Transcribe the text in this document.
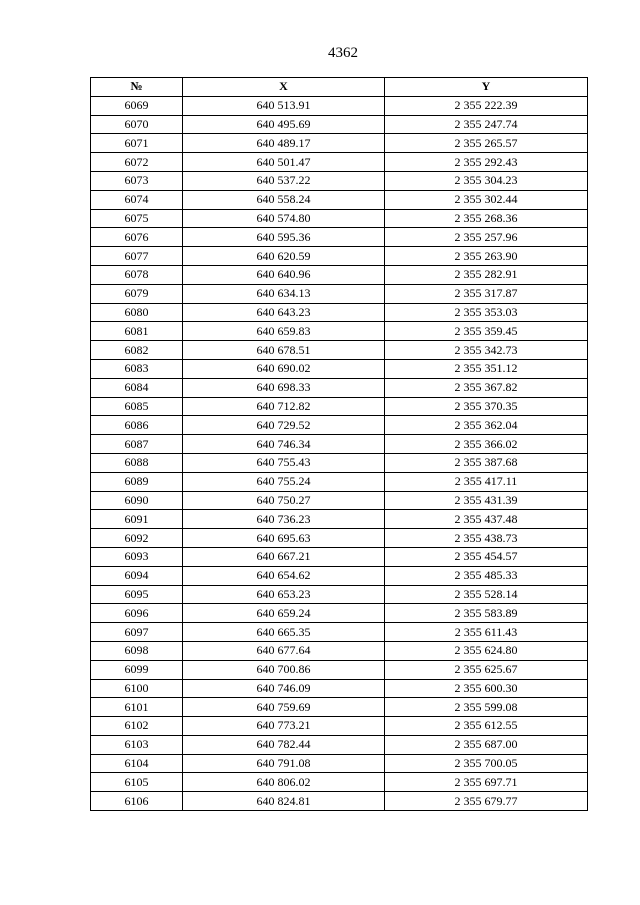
4362
№	X	Y
6069	640 513.91	2 355 222.39
6070	640 495.69	2 355 247.74
6071	640 489.17	2 355 265.57
6072	640 501.47	2 355 292.43
6073	640 537.22	2 355 304.23
6074	640 558.24	2 355 302.44
6075	640 574.80	2 355 268.36
6076	640 595.36	2 355 257.96
6077	640 620.59	2 355 263.90
6078	640 640.96	2 355 282.91
6079	640 634.13	2 355 317.87
6080	640 643.23	2 355 353.03
6081	640 659.83	2 355 359.45
6082	640 678.51	2 355 342.73
6083	640 690.02	2 355 351.12
6084	640 698.33	2 355 367.82
6085	640 712.82	2 355 370.35
6086	640 729.52	2 355 362.04
6087	640 746.34	2 355 366.02
6088	640 755.43	2 355 387.68
6089	640 755.24	2 355 417.11
6090	640 750.27	2 355 431.39
6091	640 736.23	2 355 437.48
6092	640 695.63	2 355 438.73
6093	640 667.21	2 355 454.57
6094	640 654.62	2 355 485.33
6095	640 653.23	2 355 528.14
6096	640 659.24	2 355 583.89
6097	640 665.35	2 355 611.43
6098	640 677.64	2 355 624.80
6099	640 700.86	2 355 625.67
6100	640 746.09	2 355 600.30
6101	640 759.69	2 355 599.08
6102	640 773.21	2 355 612.55
6103	640 782.44	2 355 687.00
6104	640 791.08	2 355 700.05
6105	640 806.02	2 355 697.71
6106	640 824.81	2 355 679.77
